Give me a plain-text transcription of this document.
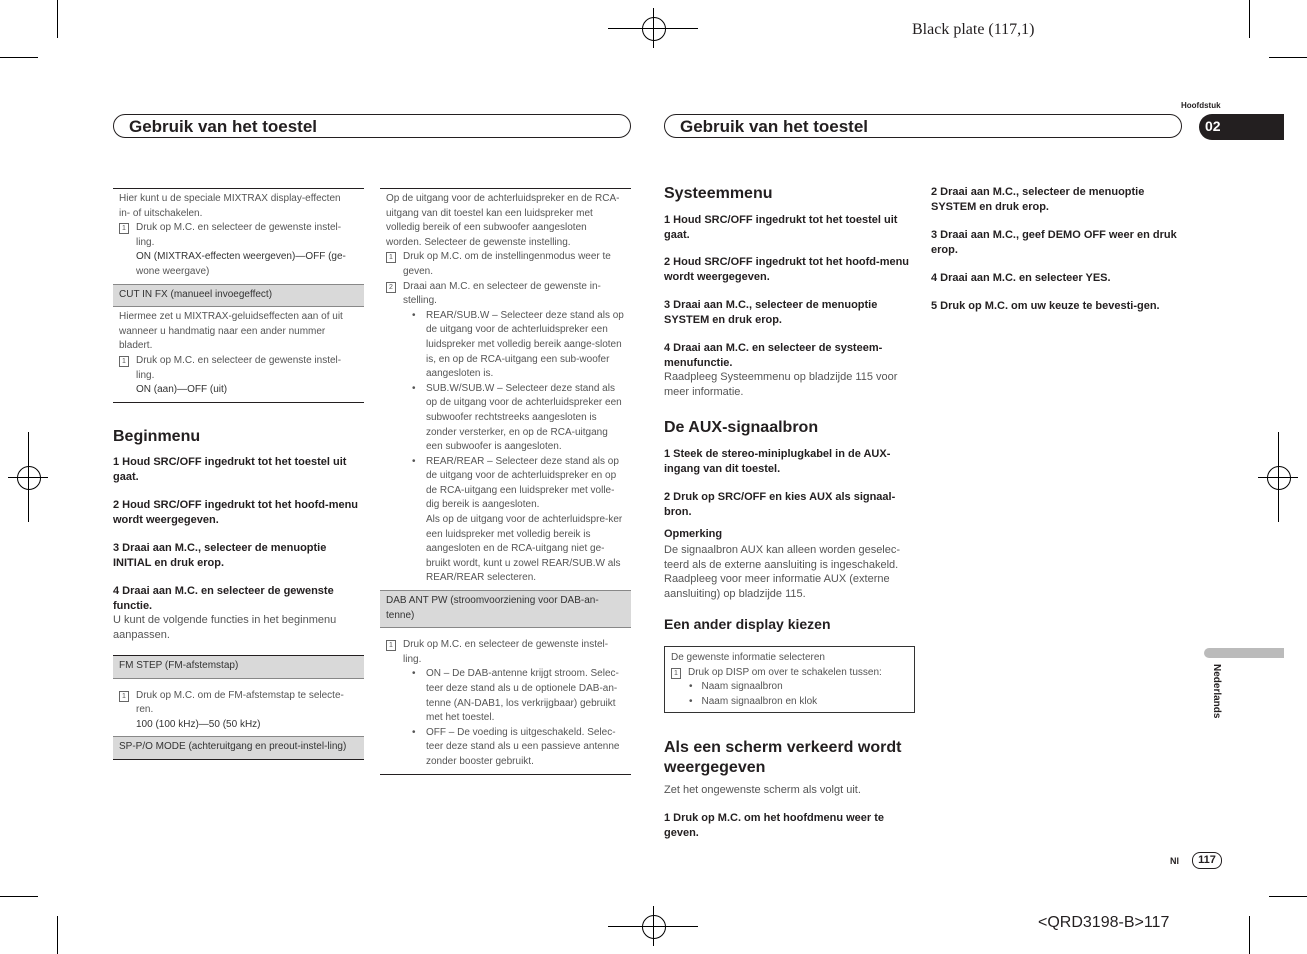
Black plate (117,1)
<QRD3198-B>117
Gebruik van het toestel	Gebruik van het toestel
Hoofdstuk
02
Nederlands
Nl	117
Hier kunt u de speciale MIXTRAX display-effecten
in- of uitschakelen.
1 Druk op M.C. en selecteer de gewenste instel-
ling.
ON (MIXTRAX-effecten weergeven)—OFF (ge-
wone weergave)
CUT IN FX (manueel invoegeffect)
Hiermee zet u MIXTRAX-geluidseffecten aan of uit
wanneer u handmatig naar een ander nummer
bladert.
1 Druk op M.C. en selecteer de gewenste instel-
ling.
ON (aan)—OFF (uit)
Beginmenu
1 Houd SRC/OFF ingedrukt tot het toestel uit gaat.
2 Houd SRC/OFF ingedrukt tot het hoofd-menu wordt weergegeven.
3 Draai aan M.C., selecteer de menuoptie INITIAL en druk erop.
4 Draai aan M.C. en selecteer de gewenste functie.
U kunt de volgende functies in het beginmenu aanpassen.
FM STEP (FM-afstemstap)
1 Druk op M.C. om de FM-afstemstap te selecte-
ren.
100 (100 kHz)—50 (50 kHz)
SP-P/O MODE (achteruitgang en preout-instel-ling)
Op de uitgang voor de achterluidspreker en de RCA-uitgang van dit toestel kan een luidspreker met volledig bereik of een subwoofer aangesloten worden. Selecteer de gewenste instelling.
1	Druk op M.C. om de instellingenmodus weer te geven.
2	Draai aan M.C. en selecteer de gewenste in-stelling.
• REAR/SUB.W – Selecteer deze stand als op de uitgang voor de achterluidspreker een luidspreker met volledig bereik aange-sloten is, en op de RCA-uitgang een sub-woofer aangesloten is.
• SUB.W/SUB.W – Selecteer deze stand als op de uitgang voor de achterluidspreker een subwoofer rechtstreeks aangesloten is zonder versterker, en op de RCA-uitgang een subwoofer is aangesloten.
• REAR/REAR – Selecteer deze stand als op de uitgang voor de achterluidspreker en op de RCA-uitgang een luidspreker met volle-dig bereik is aangesloten.
Als op de uitgang voor de achterluidspre-ker een luidspreker met volledig bereik is aangesloten en de RCA-uitgang niet ge-bruikt wordt, kunt u zowel REAR/SUB.W als REAR/REAR selecteren.
DAB ANT PW (stroomvoorziening voor DAB-an-tenne)
1	Druk op M.C. en selecteer de gewenste instel-ling.
• ON – De DAB-antenne krijgt stroom. Selec-teer deze stand als u de optionele DAB-an-tenne (AN-DAB1, los verkrijgbaar) gebruikt met het toestel.
• OFF – De voeding is uitgeschakeld. Selec-teer deze stand als u een passieve antenne zonder booster gebruikt.
Systeemmenu
1 Houd SRC/OFF ingedrukt tot het toestel uit gaat.
2 Houd SRC/OFF ingedrukt tot het hoofd-menu wordt weergegeven.
3 Draai aan M.C., selecteer de menuoptie SYSTEM en druk erop.
4 Draai aan M.C. en selecteer de systeem-menufunctie.
Raadpleeg Systeemmenu op bladzijde 115 voor meer informatie.
De AUX-signaalbron
1 Steek de stereo-miniplugkabel in de AUX-ingang van dit toestel.
2 Druk op SRC/OFF en kies AUX als signaal-bron.
Opmerking
De signaalbron AUX kan alleen worden geselec-teerd als de externe aansluiting is ingeschakeld. Raadpleeg voor meer informatie AUX (externe aansluiting) op bladzijde 115.
Een ander display kiezen
De gewenste informatie selecteren
1 Druk op DISP om over te schakelen tussen:
• Naam signaalbron
• Naam signaalbron en klok
Als een scherm verkeerd wordt weergegeven
Zet het ongewenste scherm als volgt uit.
1 Druk op M.C. om het hoofdmenu weer te geven.
2 Draai aan M.C., selecteer de menuoptie SYSTEM en druk erop.
3 Draai aan M.C., geef DEMO OFF weer en druk erop.
4 Draai aan M.C. en selecteer YES.
5 Druk op M.C. om uw keuze te bevesti-gen.
